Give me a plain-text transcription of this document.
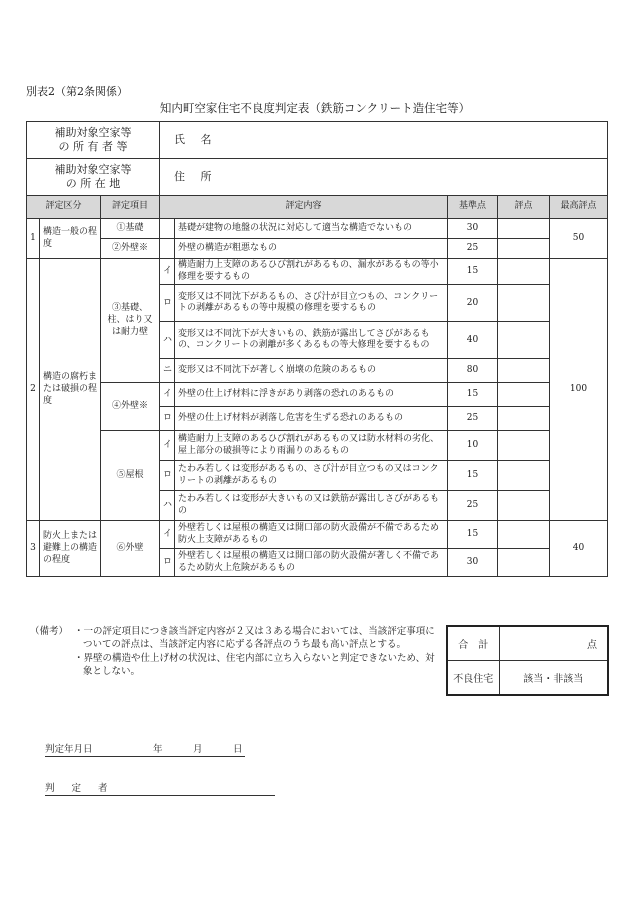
別表2（第2条関係）
知内町空家住宅不良度判定表（鉄筋コンクリート造住宅等）
補助対象空家等
の 所 有 者 等			氏 名				

補助対象空家等
の 所 在 地			住 所				
評定区分		評定項目	評定内容		基準点	評点	最高評点
1	構造一般の程度	①基礎		基礎が建物の地盤の状況に対応して適当な構造でないもの	30		50
		②外壁※		外壁の構造が粗悪なもの	25		
2	構造の腐朽または破損の程度	③基礎、柱、はり又は耐力壁	イ	構造耐力上支障のあるひび割れがあるもの、漏水があるもの等小修理を要するもの	15		100
			ロ	変形又は不同沈下があるもの、さび汁が目立つもの、コンクリートの剥離があるもの等中規模の修理を要するもの	20		
			ハ	変形又は不同沈下が大きいもの、鉄筋が露出してさびがあるもの、コンクリートの剥離が多くあるもの等大修理を要するもの	40		
			ニ	変形又は不同沈下が著しく崩壊の危険のあるもの	80		
		④外壁※	イ	外壁の仕上げ材料に浮きがあり剥落の恐れのあるもの	15		
			ロ	外壁の仕上げ材料が剥落し危害を生ずる恐れのあるもの	25		
		⑤屋根	イ	構造耐力上支障のあるひび割れがあるもの又は防水材料の劣化、屋上部分の破損等により雨漏りのあるもの	10		
			ロ	たわみ若しくは変形があるもの、さび汁が目立つもの又はコンクリートの剥離があるもの	15		
			ハ	たわみ若しくは変形が大きいもの又は鉄筋が露出しさびがあるもの	25		
3	防火上または避難上の構造の程度	⑥外壁	イ	外壁若しくは屋根の構造又は開口部の防火設備が不備であるため防火上支障があるもの	15		40
			ロ	外壁若しくは屋根の構造又は開口部の防火設備が著しく不備であるため防火上危険があるもの	30		
（備考） ・一の評定項目につき該当評定内容が２又は３ある場合においては、当該評定事項についての評点は、当該評定内容に応ずる各評点のうち最も高い評点とする。
・界壁の構造や仕上げ材の状況は、住宅内部に立ち入らないと判定できないため、対象としない。
合　計	点
不良住宅	該当・非該当
判定年月日	年	月	日
判 定 者
